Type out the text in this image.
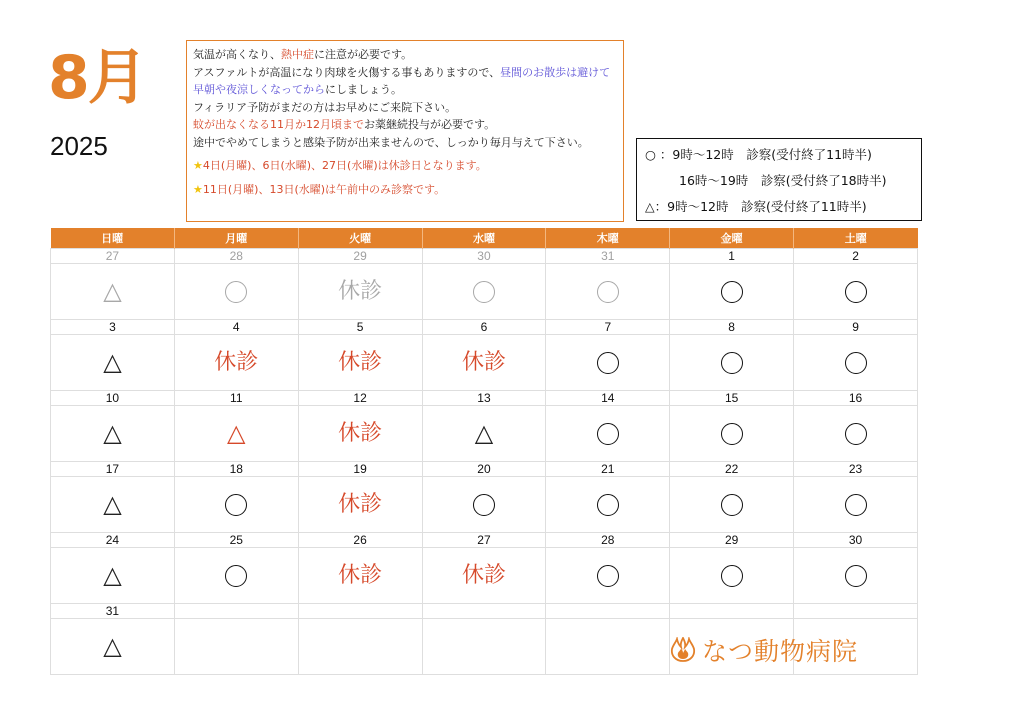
8月
2025
気温が高くなり、熱中症に注意が必要です。
アスファルトが高温になり肉球を火傷する事もありますので、昼間のお散歩は避けて早朝や夜涼しくなってからにしましょう。
フィラリア予防がまだの方はお早めにご来院下さい。
蚊が出なくなる11月か12月頃までお薬継続投与が必要です。
途中でやめてしまうと感染予防が出来ませんので、しっかり毎月与えて下さい。
★4日(月曜)、6日(水曜)、27日(水曜)は休診日となります。
★11日(月曜)、13日(水曜)は午前中のみ診察です。
○ ：9時～12時　診察(受付終了11時半)
16時～19時　診察(受付終了18時半)
△：9時～12時　診察(受付終了11時半)
日曜	月曜	火曜	水曜	木曜	金曜	土曜
27	28	29	30	31	1	2
△		休診				
3	4	5	6	7	8	9
△	休診	休診	休診			
10	11	12	13	14	15	16
△	△	休診	△			
17	18	19	20	21	22	23
△		休診				
24	25	26	27	28	29	30
△		休診	休診			
31						
△							なつ動物病院
